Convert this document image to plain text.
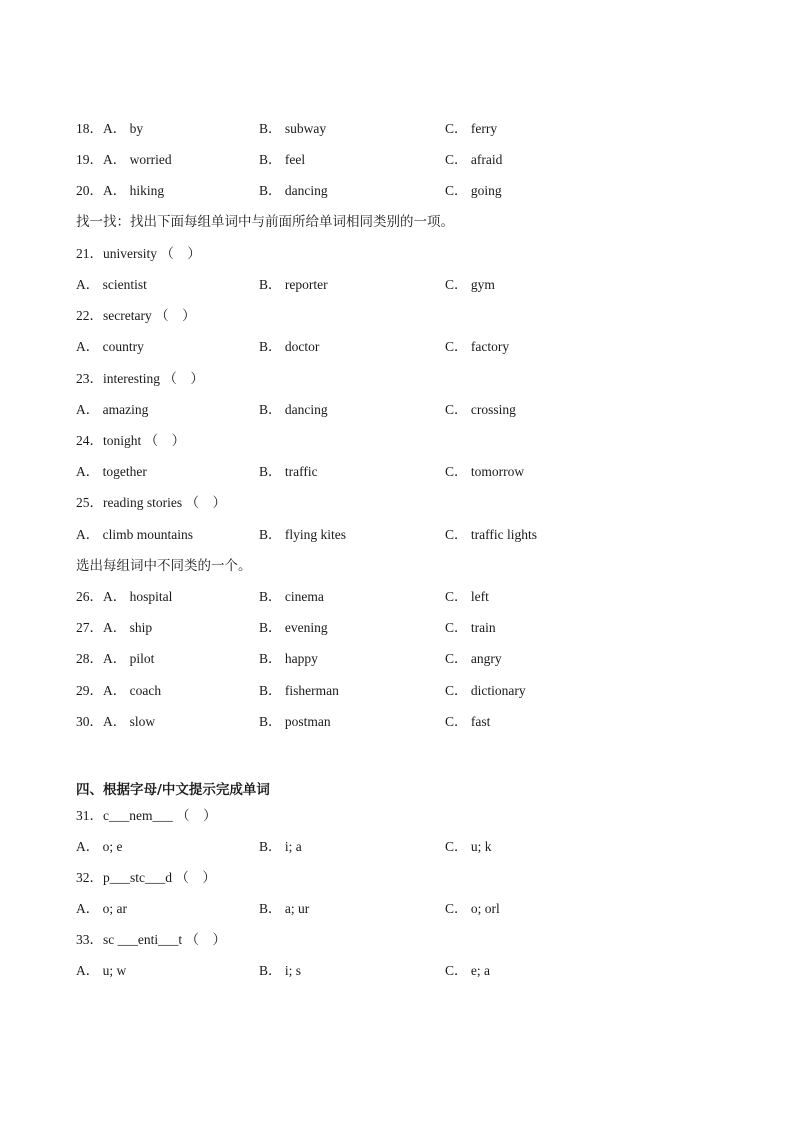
18．A． by	B． subway	C． ferry
19．A． worried	B． feel	C． afraid
20．A． hiking	B． dancing	C． going
找一找：找出下面每组单词中与前面所给单词相同类别的一项。
21．university （　）
A． scientist	B． reporter	C． gym
22．secretary （　）
A． country	B． doctor	C． factory
23．interesting （　）
A． amazing	B． dancing	C． crossing
24．tonight （　）
A． together	B． traffic	C． tomorrow
25．reading stories （　）
A． climb mountains	B． flying kites	C． traffic lights
选出每组词中不同类的一个。
26．A． hospital	B． cinema	C． left
27．A． ship	B． evening	C． train
28．A． pilot	B． happy	C． angry
29．A． coach	B． fisherman	C． dictionary
30．A． slow	B． postman	C． fast
四、根据字母/中文提示完成单词
31．c___nem___ （　）
A． o; e	B． i; a	C． u; k
32．p___stc___d （　）
A． o; ar	B． a; ur	C． o; orl
33．sc ___enti___t （　）
A． u; w	B． i; s	C． e; a
